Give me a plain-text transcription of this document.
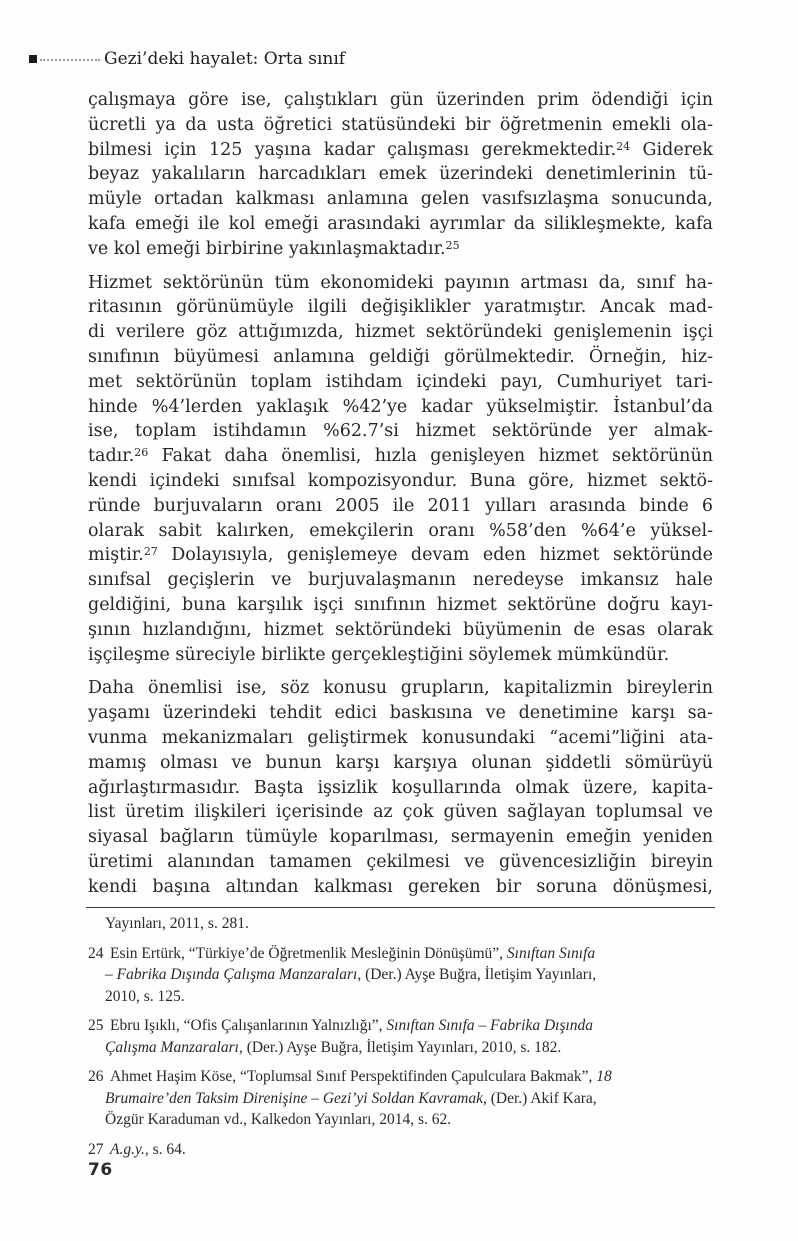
Gezi’deki hayalet: Orta sınıf
çalışmaya göre ise, çalıştıkları gün üzerinden prim ödendiği için
ücretli ya da usta öğretici statüsündeki bir öğretmenin emekli ola-
bilmesi için 125 yaşına kadar çalışması gerekmektedir.$^{24}$ Giderek
beyaz yakalıların harcadıkları emek üzerindeki denetimlerinin tü-
müyle ortadan kalkması anlamına gelen vasıfsızlaşma sonucunda,
kafa emeği ile kol emeği arasındaki ayrımlar da silikleşmekte, kafa
ve kol emeği birbirine yakınlaşmaktadır.$^{25}$
Hizmet sektörünün tüm ekonomideki payının artması da, sınıf ha-
ritasının görünümüyle ilgili değişiklikler yaratmıştır. Ancak mad-
di verilere göz attığımızda, hizmet sektöründeki genişlemenin işçi
sınıfının büyümesi anlamına geldiği görülmektedir. Örneğin, hiz-
met sektörünün toplam istihdam içindeki payı, Cumhuriyet tari-
hinde %4’lerden yaklaşık %42’ye kadar yükselmiştir. İstanbul’da
ise, toplam istihdamın %62.7’si hizmet sektöründe yer almak-
tadır.$^{26}$ Fakat daha önemlisi, hızla genişleyen hizmet sektörünün
kendi içindeki sınıfsal kompozisyondur. Buna göre, hizmet sektö-
ründe burjuvaların oranı 2005 ile 2011 yılları arasında binde 6
olarak sabit kalırken, emekçilerin oranı %58’den %64’e yüksel-
miştir.$^{27}$ Dolayısıyla, genişlemeye devam eden hizmet sektöründe
sınıfsal geçişlerin ve burjuvalaşmanın neredeyse imkansız hale
geldiğini, buna karşılık işçi sınıfının hizmet sektörüne doğru kayı-
şının hızlandığını, hizmet sektöründeki büyümenin de esas olarak
işçileşme süreciyle birlikte gerçekleştiğini söylemek mümkündür.
Daha önemlisi ise, söz konusu grupların, kapitalizmin bireylerin
yaşamı üzerindeki tehdit edici baskısına ve denetimine karşı sa-
vunma mekanizmaları geliştirmek konusundaki “acemi”liğini ata-
mamış olması ve bunun karşı karşıya olunan şiddetli sömürüyü
ağırlaştırmasıdır. Başta işsizlik koşullarında olmak üzere, kapita-
list üretim ilişkileri içerisinde az çok güven sağlayan toplumsal ve
siyasal bağların tümüyle koparılması, sermayenin emeğin yeniden
üretimi alanından tamamen çekilmesi ve güvencesizliğin bireyin
kendi başına altından kalkması gereken bir soruna dönüşmesi,
Yayınları, 2011, s. 281.
24 Esin Ertürk, “Türkiye’de Öğretmenlik Mesleğinin Dönüşümü”, Sınıftan Sınıfa
– Fabrika Dışında Çalışma Manzaraları, (Der.) Ayşe Buğra, İletişim Yayınları,
2010, s. 125.
25 Ebru Işıklı, “Ofis Çalışanlarının Yalnızlığı”, Sınıftan Sınıfa – Fabrika Dışında
Çalışma Manzaraları, (Der.) Ayşe Buğra, İletişim Yayınları, 2010, s. 182.
26 Ahmet Haşim Köse, “Toplumsal Sınıf Perspektifinden Çapulculara Bakmak”, 18
Brumaire’den Taksim Direnişine – Gezi’yi Soldan Kavramak, (Der.) Akif Kara,
Özgür Karaduman vd., Kalkedon Yayınları, 2014, s. 62.
27 A.g.y., s. 64.
76
